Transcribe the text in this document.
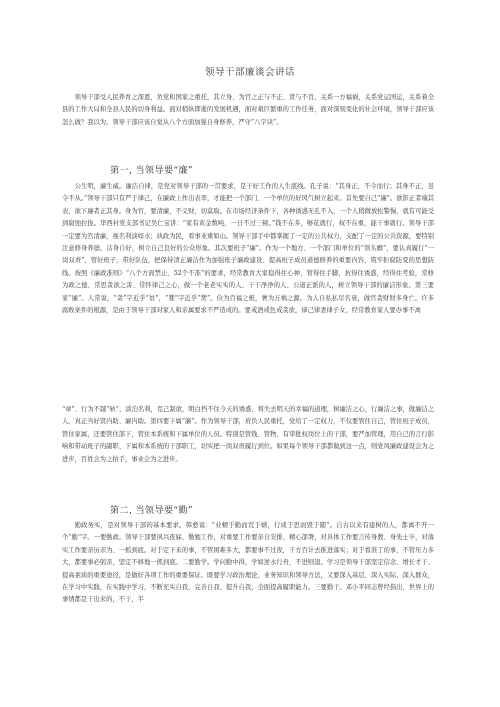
领导干部廉谈会讲话
领导干部受人民养育之深恩，负党和国家之重托，其立身、为官之正与不正、贤与不肖，关系一方福祸，关系党运国运，关系着全县的工作大局和全县人民的切身利益。面对稍纵即逝的发展机遇，面对艰巨繁重的工作任务，面对深刻变化的社会环境，领导干部应该怎么做？我以为，领导干部应该自觉从八个方面加强自身修养，严守“八字诀”。
第一, 当领导要“廉”
公生明，廉生威。廉洁自律，是党对领导干部的一贯要求，是干好工作的人生底线。孔子说：“其身正，不令而行；其身不正，虽令不从。”领导干部只有严于律己，在廉政上作出表率，才能把一个部门、一个单位的好风气树立起来。首先要自己“廉”。欲影正者端其表，欲下廉者正其身。身为官，要清廉，不义财，切莫取。在市场经济条件下，各种诱惑无孔不入，一个人稍微放松警惕，就有可能受到腐蚀拉拢。华西村党支部书记吴仁宝讲：“家有黄金数吨，一日不过三顿。”钱不在多，够花就行，权不在重，能干事就行。领导干部一定要为官清廉，视名利淡如水；执政为民，看事业重如山。领导干部手中都掌握了一定的公共权力，支配了一定的公共资源，要特别注意修身养德，洁身自好，树立自己良好的公众形象。其次要班子“廉”。作为一个地方、一个部门和单位的“领头雁”，要认真履行“一岗双责”，管好班子，带好队伍，把保持清正廉洁作为加强班子廉政建设、提高班子成员道德修养的重要内容，筑牢拒腐防变的思想防线。按照《廉政准则》“八个方面禁止、52个不准”的要求，经常教育大家稳得住心神，管得住手脚，抗得住诱惑，经得住考验，常修为政之德、常思贪欲之害、常怀律己之心，做一个老老实实的人、干干净净的人、公道正派的人，树立领导干部的廉洁形象。第三要家“廉”。人常说，“贪”字近乎“贫”，“婪”字近乎“焚”。俭为百福之根，奢为万祸之源。为人自私私尽名衰，做官贪财财多身亡。许多腐败案件的根源，是由于领导干部对家人和亲属要求不严造成的。要戒酒戒色戒贪欲，律己律妻律子女，经常教育家人要办事不离
“章”、行为不越“轨”、淡泊名利，克己制欲，明白挡不住今天的诱惑、将失去明天的幸福的道理，树廉洁之心，行廉洁之事，做廉洁之人，真正当好贤内助、廉内助。第四要下属“廉”。作为领导干部，肩负人民重托，党给了一定权力，不仅要管住自己，管住班子成员，管住家属，还要管住部下，管住本系统和下属单位的人员。特别是管钱、管物、有审批权岗位上的干部，要严加管理，用自己的言行影响和带动班子的副职、下属和本系统的干部职工，切实把一岗双责履行到位。如果每个领导干部都做到这一点，则党风廉政建设会为之进步，百姓会为之拍手，事业会为之进步。
第二, 当领导要“勤”
勤政务实，是对领导干部的基本要求。韩愈说：“业精于勤而荒于嬉，行成于思而毁于随”。自古以来有建树的人，都离不开一个“勤”字。一要勤政。领导干部要夙兴夜寐、勤勉工作，对重要工作要亲自安排、精心部署，对具体工作要言传身教、身先士卒，对落实工作要亲历亲为、一抓到底。对于定下来的事，不管困难多大，都要事不过夜，千方百计去推进落实；对于看准了的事，不管压力多大，都要事必躬亲，坚定不移地一抓到底。二要勤学。学问勤中得，学如逆水行舟，不进则退。学习是领导干部坚定信念、增长才干、提高素质的重要途径，是做好各项工作的重要保证。既要学习政治理论、业务知识和领导方法，又要深入基层、深入实际、深入群众，在学习中实践，在实践中学习，不断充实自我、完善自我、提升自我，全面提高履职能力。三要勤干。邓小平同志曾经指出，世界上的事情都是干出来的，不干，半
